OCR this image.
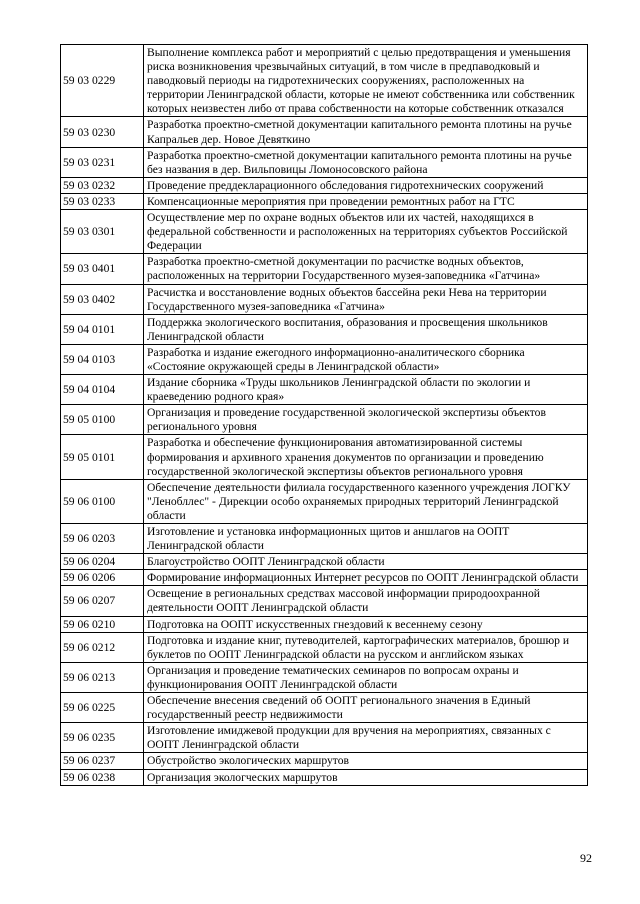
59 03 0229	Выполнение комплекса работ и мероприятий с целью предотвращения и уменьшения риска возникновения чрезвычайных ситуаций, в том числе в предпаводковый и паводковый периоды на гидротехнических сооружениях, расположенных на территории Ленинградской области, которые не имеют собственника или собственник которых неизвестен либо от права собственности на которые собственник отказался
59 03 0230	Разработка проектно-сметной документации капитального ремонта плотины на ручье Капральев дер. Новое Девяткино
59 03 0231	Разработка проектно-сметной документации капитального ремонта плотины на ручье без названия в дер. Вильповицы Ломоносовского района
59 03 0232	Проведение преддекларационного обследования гидротехнических сооружений
59 03 0233	Компенсационные мероприятия при проведении ремонтных работ на ГТС
59 03 0301	Осуществление мер по охране водных объектов или их частей, находящихся в федеральной собственности и расположенных на территориях субъектов Российской Федерации
59 03 0401	Разработка проектно-сметной документации по расчистке водных объектов, расположенных на территории Государственного музея-заповедника «Гатчина»
59 03 0402	Расчистка и восстановление водных объектов бассейна реки Нева на территории Государственного музея-заповедника «Гатчина»
59 04 0101	Поддержка экологического воспитания, образования и просвещения школьников Ленинградской области
59 04 0103	Разработка и издание ежегодного информационно-аналитического сборника «Состояние окружающей среды в Ленинградской области»
59 04 0104	Издание сборника «Труды школьников Ленинградской области по экологии и краеведению родного края»
59 05 0100	Организация и проведение государственной экологической экспертизы объектов регионального уровня
59 05 0101	Разработка и обеспечение функционирования автоматизированной системы формирования и архивного хранения документов по организации и проведению государственной экологической экспертизы объектов регионального уровня
59 06 0100	Обеспечение деятельности филиала государственного казенного учреждения ЛОГКУ "Ленобллес" - Дирекции особо охраняемых природных территорий Ленинградской области
59 06 0203	Изготовление и установка информационных щитов и аншлагов на ООПТ Ленинградской области
59 06 0204	Благоустройство ООПТ Ленинградской области
59 06 0206	Формирование информационных Интернет ресурсов по ООПТ Ленинградской области
59 06 0207	Освещение в региональных средствах массовой информации природоохранной деятельности ООПТ Ленинградской области
59 06 0210	Подготовка на ООПТ искусственных гнездовий к весеннему сезону
59 06 0212	Подготовка и издание книг, путеводителей, картографических материалов, брошюр и буклетов по ООПТ Ленинградской области на русском и английском языках
59 06 0213	Организация и проведение тематических семинаров по вопросам охраны и функционирования ООПТ Ленинградской области
59 06 0225	Обеспечение внесения сведений об ООПТ регионального значения в Единый государственный реестр недвижимости
59 06 0235	Изготовление имиджевой продукции для вручения на мероприятиях, связанных с ООПТ Ленинградской области
59 06 0237	Обустройство экологических маршрутов
59 06 0238	Организация экологческих маршрутов
92
